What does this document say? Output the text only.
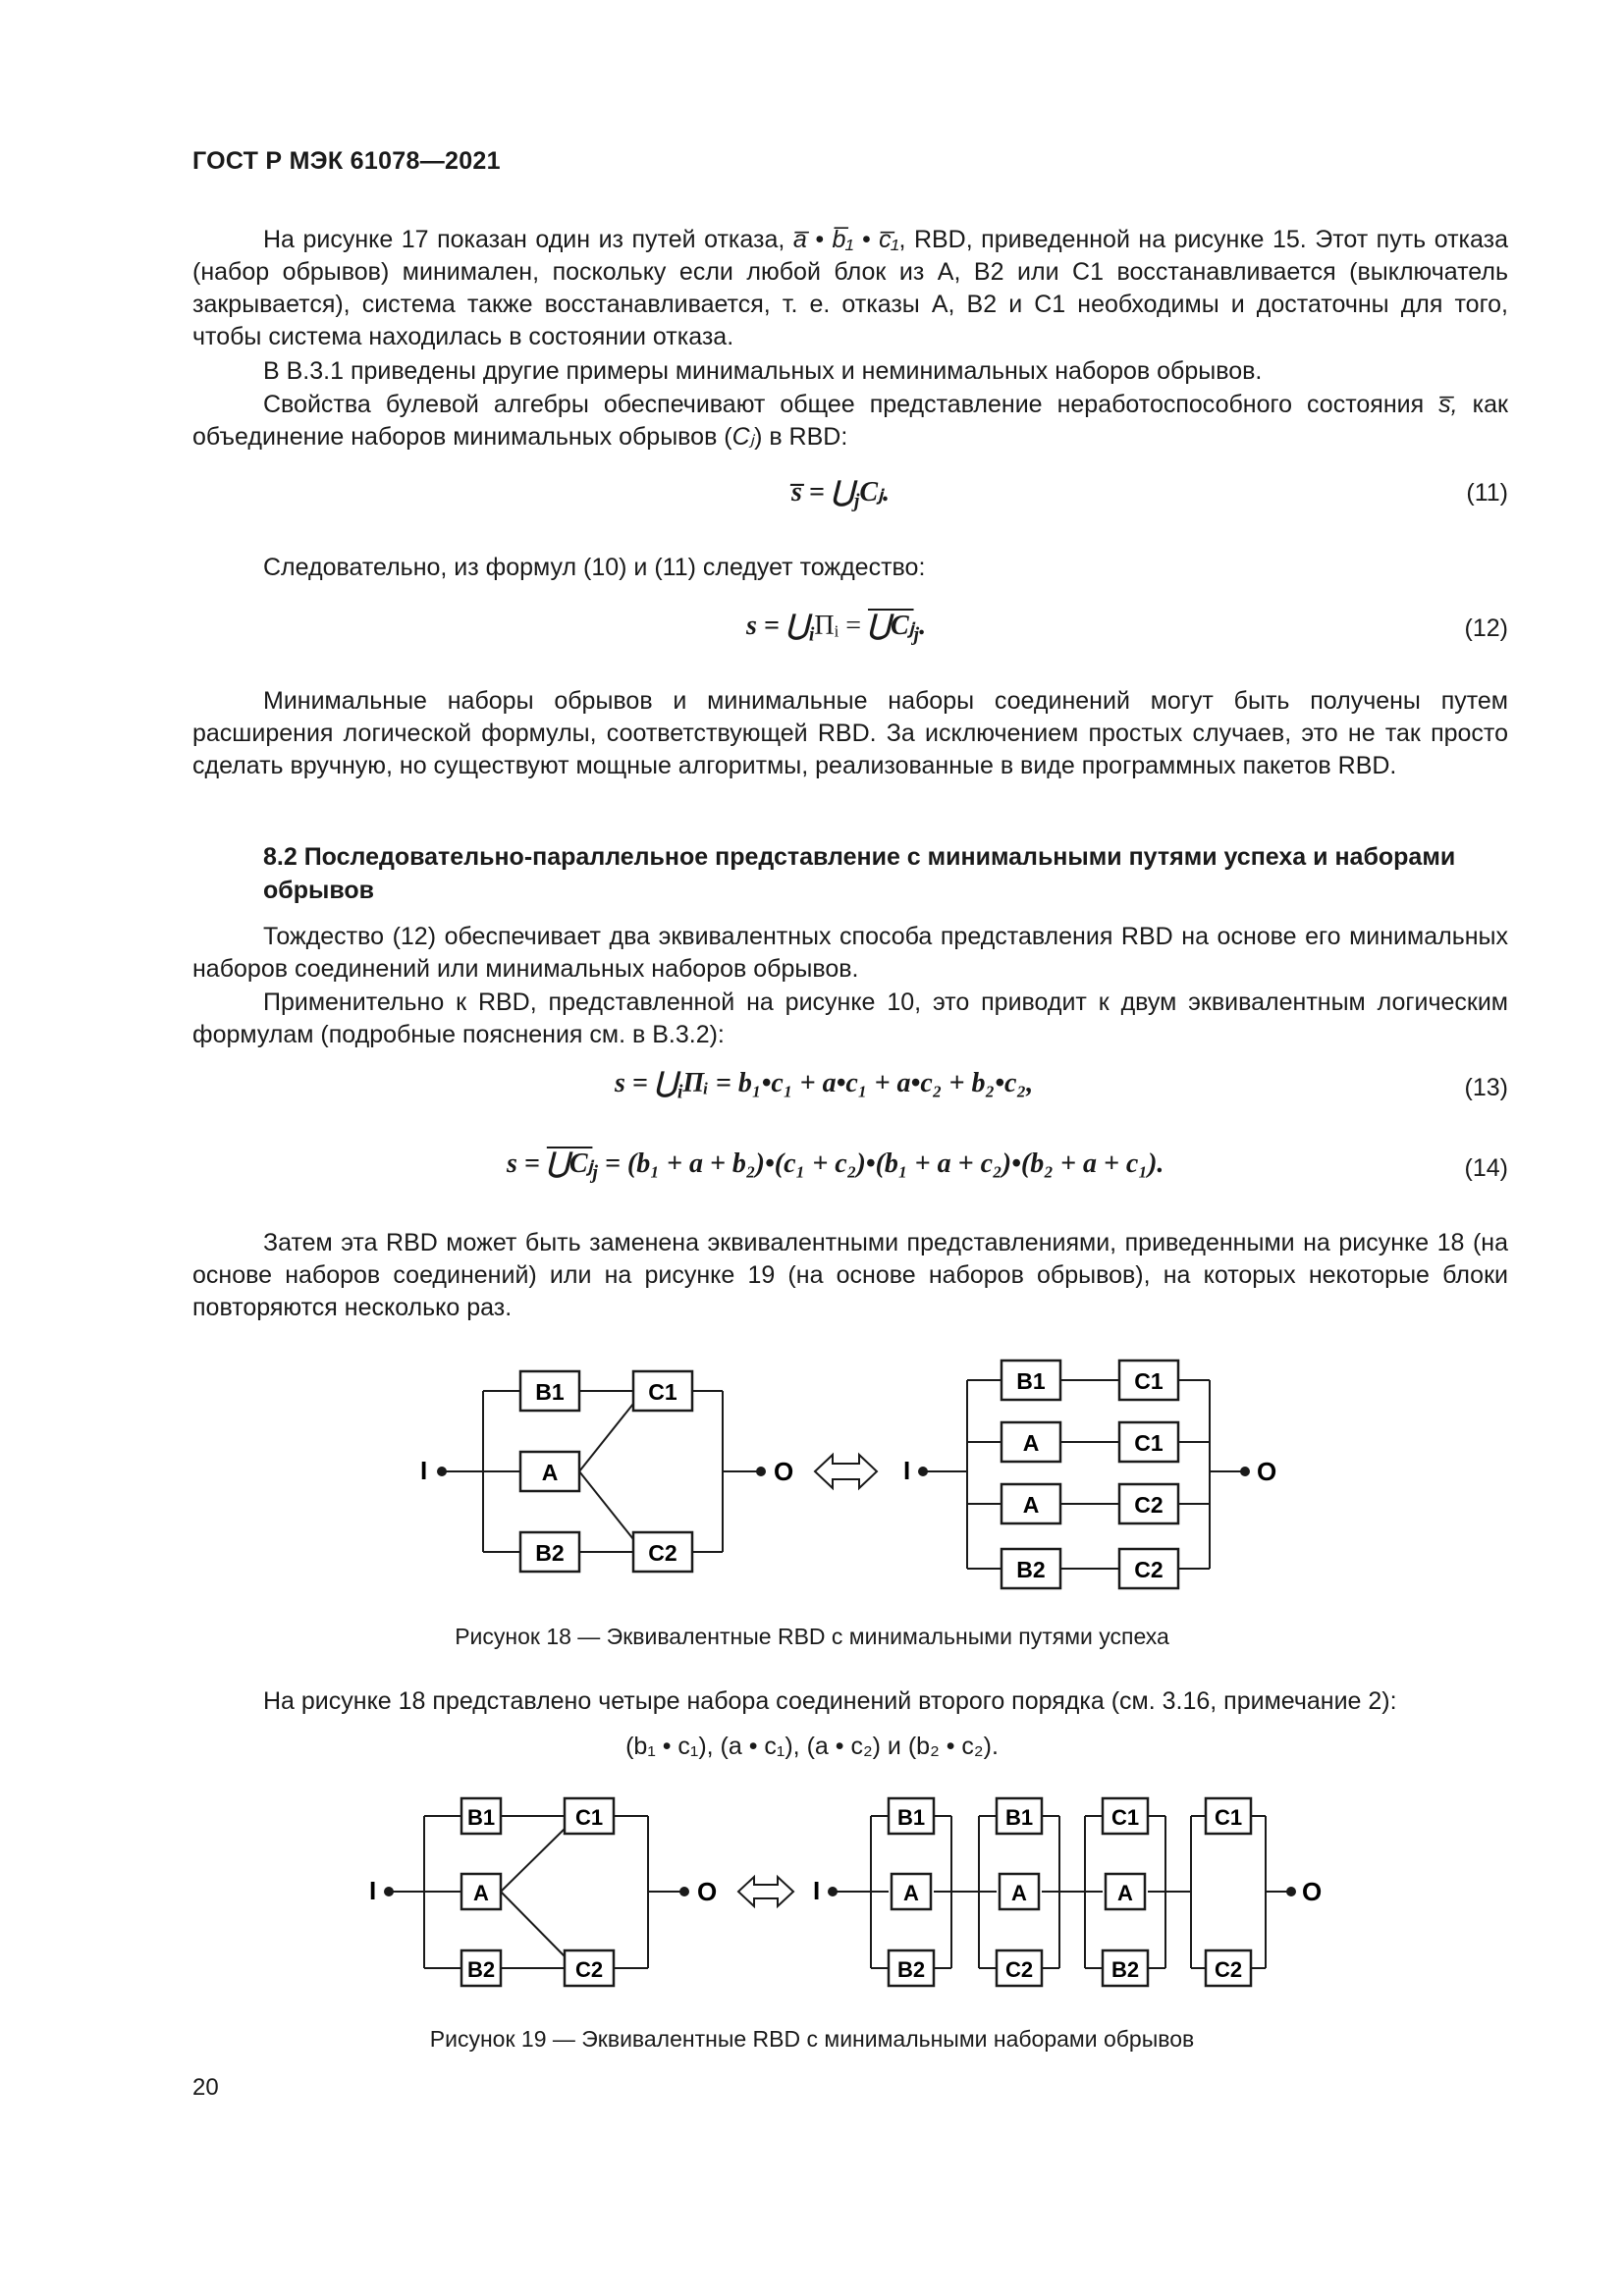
ГОСТ Р МЭК 61078—2021

На рисунке 17 показан один из путей отказа, a̅ • b̅₁ • c̅₁, RBD, приведенной на рисунке 15. Этот путь отказа (набор обрывов) минимален, поскольку если любой блок из A, B2 или C1 восстанавливается (выключатель закрывается), система также восстанавливается, т. е. отказы A, B2 и C1 необходимы и достаточны для того, чтобы система находилась в состоянии отказа.

В В.3.1 приведены другие примеры минимальных и неминимальных наборов обрывов.

Свойства булевой алгебры обеспечивают общее представление неработоспособного состояния s̅, как объединение наборов минимальных обрывов (Cⱼ) в RBD:

s̅ = $⋃_jCⱼ$.	(11)

Следовательно, из формул (10) и (11) следует тождество:

$s = ⋃_i\Pi ᵢ$ = ⋃Cⱼ$_j$.	(12)

Минимальные наборы обрывов и минимальные наборы соединений могут быть получены путем расширения логической формулы, соответствующей RBD. За исключением простых случаев, это не так просто сделать вручную, но существуют мощные алгоритмы, реализованные в виде программных пакетов RBD.

8.2 Последовательно-параллельное представление с минимальными путями успеха и наборами обрывов

Тождество (12) обеспечивает два эквивалентных способа представления RBD на основе его минимальных наборов соединений или минимальных наборов обрывов.

Применительно к RBD, представленной на рисунке 10, это приводит к двум эквивалентным логическим формулам (подробные пояснения см. в В.3.2):

$s = ⋃_i\Pi ᵢ$ = b₁•c₁ + a•c₁ + a•c₂ + b₂•c₂,	(13)
s = ⋃Cⱼ$_j$ = (b₁ + a + b₂)•(c₁ + c₂)•(b₁ + a + c₂)•(b₂ + a + c₁).	(14)

Затем эта RBD может быть заменена эквивалентными представлениями, приведенными на рисунке 18 (на основе наборов соединений) или на рисунке 19 (на основе наборов обрывов), на которых некоторые блоки повторяются несколько раз.

I	O
B1
A
B2
C1
C2
I	O
B1	C1
A	C1
A	C2
B2	C2
Рисунок 18 — Эквивалентные RBD с минимальными путями успеха

На рисунке 18 представлено четыре набора соединений второго порядка (см. 3.16, примечание 2):

(b₁ • c₁), (a • c₁), (a • c₂) и (b₂ • c₂).
I	O
B1
A
B2
C1
C2
I
B1
A
B2
B1
A
C2
C1
A
B2
C1
C2
O
Рисунок 19 — Эквивалентные RBD с минимальными наборами обрывов
20
